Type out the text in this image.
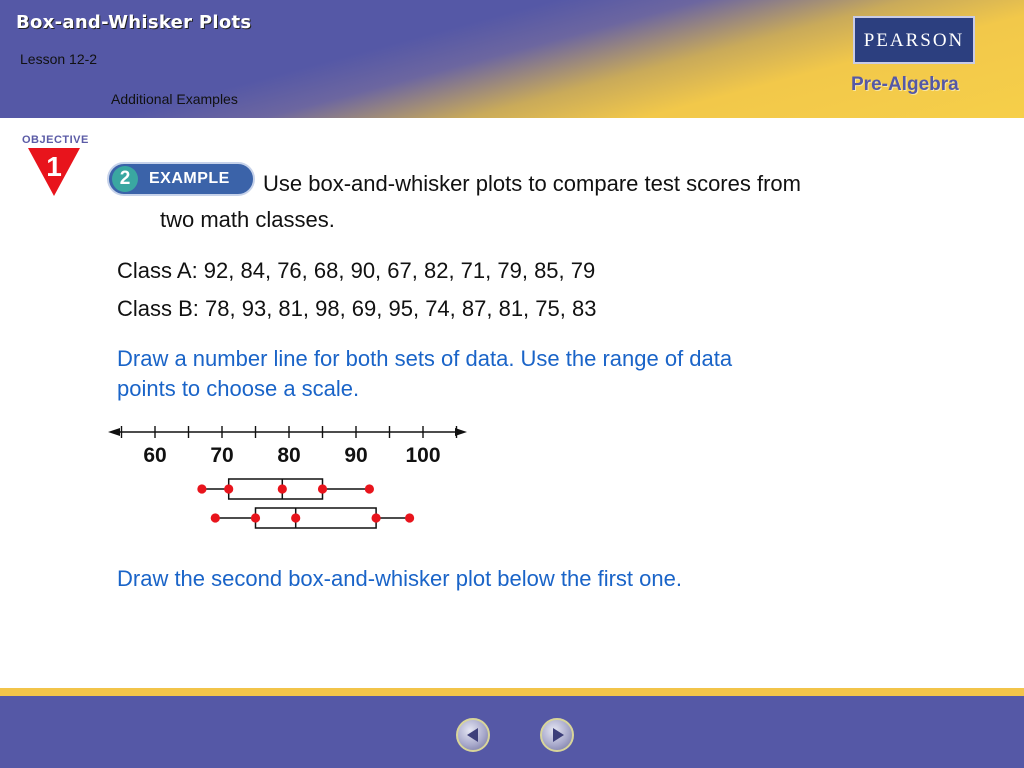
Box-and-Whisker Plots
Lesson 12-2
Additional Examples
PEARSON
Pre-Algebra
OBJECTIVE
1	2	EXAMPLE Use box-and-whisker plots to compare test scores from
two math classes.
Class A: 92, 84, 76, 68, 90, 67, 82, 71, 79, 85, 79
Class B: 78, 93, 81, 98, 69, 95, 74, 87, 81, 75, 83
Draw a number line for both sets of data. Use the range of data
points to choose a scale.
60 70 80 90 100
Draw the second box-and-whisker plot below the first one.
